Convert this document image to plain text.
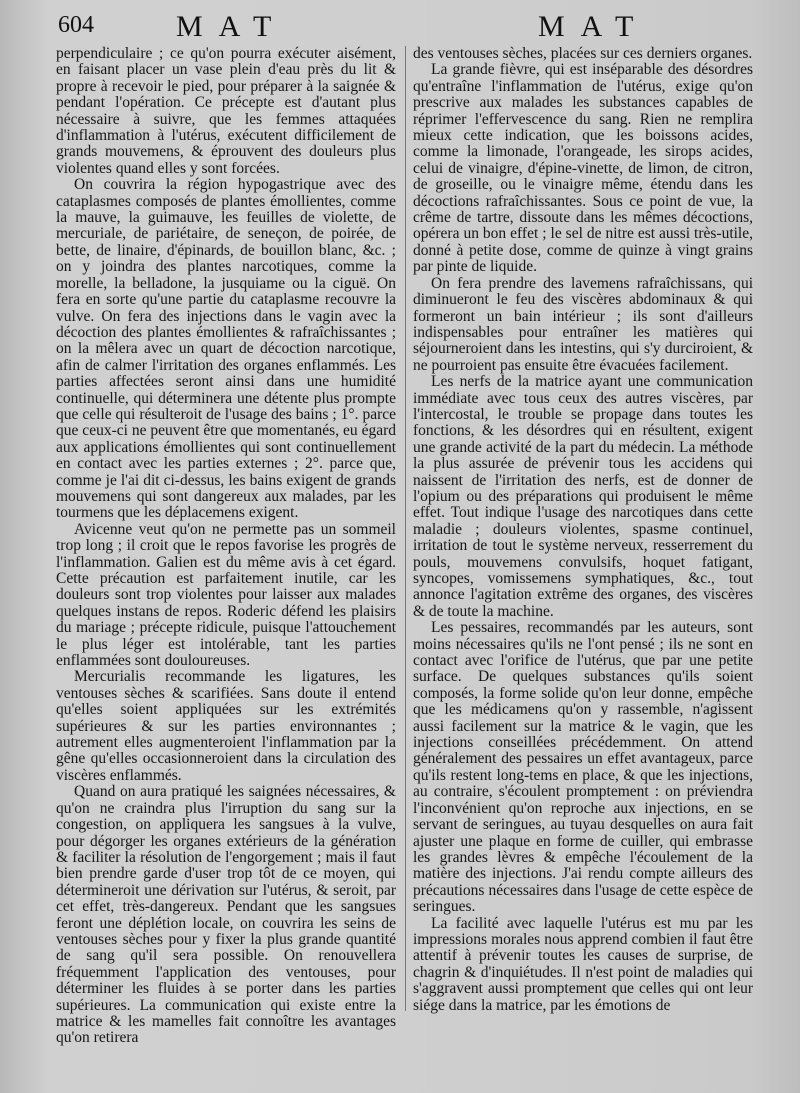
604	MAT	MAT

perpendiculaire ; ce qu'on pourra exécuter aisément, en faisant placer un vase plein d'eau près du lit & propre à recevoir le pied, pour préparer à la saignée & pendant l'opération. Ce précepte est d'autant plus nécessaire à suivre, que les femmes attaquées d'inflammation à l'utérus, exécutent difficilement de grands mouvemens, & éprouvent des douleurs plus violentes quand elles y sont forcées.

On couvrira la région hypogastrique avec des cataplasmes composés de plantes émollientes, comme la mauve, la guimauve, les feuilles de violette, de mercuriale, de pariétaire, de seneçon, de poirée, de bette, de linaire, d'épinards, de bouillon blanc, &c. ; on y joindra des plantes narcotiques, comme la morelle, la belladone, la jusquiame ou la ciguë. On fera en sorte qu'une partie du cataplasme recouvre la vulve. On fera des injections dans le vagin avec la décoction des plantes émollientes & rafraîchissantes ; on la mêlera avec un quart de décoction narcotique, afin de calmer l'irritation des organes enflammés. Les parties affectées seront ainsi dans une humidité continuelle, qui déterminera une détente plus prompte que celle qui résulteroit de l'usage des bains ; 1°. parce que ceux-ci ne peuvent être que momentanés, eu égard aux applications émollientes qui sont continuellement en contact avec les parties externes ; 2°. parce que, comme je l'ai dit ci-dessus, les bains exigent de grands mouvemens qui sont dangereux aux malades, par les tourmens que les déplacemens exigent.

Avicenne veut qu'on ne permette pas un sommeil trop long ; il croit que le repos favorise les progrès de l'inflammation. Galien est du même avis à cet égard. Cette précaution est parfaitement inutile, car les douleurs sont trop violentes pour laisser aux malades quelques instans de repos. Roderic défend les plaisirs du mariage ; précepte ridicule, puisque l'attouchement le plus léger est intolérable, tant les parties enflammées sont douloureuses.

Mercurialis recommande les ligatures, les ventouses sèches & scarifiées. Sans doute il entend qu'elles soient appliquées sur les extrémités supérieures & sur les parties environnantes ; autrement elles augmenteroient l'inflammation par la gêne qu'elles occasionneroient dans la circulation des viscères enflammés.

Quand on aura pratiqué les saignées nécessaires, & qu'on ne craindra plus l'irruption du sang sur la congestion, on appliquera les sangsues à la vulve, pour dégorger les organes extérieurs de la génération & faciliter la résolution de l'engorgement ; mais il faut bien prendre garde d'user trop tôt de ce moyen, qui détermineroit une dérivation sur l'utérus, & seroit, par cet effet, très-dangereux. Pendant que les sangsues feront une déplétion locale, on couvrira les seins de ventouses sèches pour y fixer la plus grande quantité de sang qu'il sera possible. On renouvellera fréquemment l'application des ventouses, pour déterminer les fluides à se porter dans les parties supérieures. La communication qui existe entre la matrice & les mamelles fait connoître les avantages qu'on retirera

des ventouses sèches, placées sur ces derniers organes.

La grande fièvre, qui est inséparable des désordres qu'entraîne l'inflammation de l'utérus, exige qu'on prescrive aux malades les substances capables de réprimer l'effervescence du sang. Rien ne remplira mieux cette indication, que les boissons acides, comme la limonade, l'orangeade, les sirops acides, celui de vinaigre, d'épine-vinette, de limon, de citron, de groseille, ou le vinaigre même, étendu dans les décoctions rafraîchissantes. Sous ce point de vue, la crême de tartre, dissoute dans les mêmes décoctions, opérera un bon effet ; le sel de nitre est aussi très-utile, donné à petite dose, comme de quinze à vingt grains par pinte de liquide.

On fera prendre des lavemens rafraîchissans, qui diminueront le feu des viscères abdominaux & qui formeront un bain intérieur ; ils sont d'ailleurs indispensables pour entraîner les matières qui séjourneroient dans les intestins, qui s'y durciroient, & ne pourroient pas ensuite être évacuées facilement.

Les nerfs de la matrice ayant une communication immédiate avec tous ceux des autres viscères, par l'intercostal, le trouble se propage dans toutes les fonctions, & les désordres qui en résultent, exigent une grande activité de la part du médecin. La méthode la plus assurée de prévenir tous les accidens qui naissent de l'irritation des nerfs, est de donner de l'opium ou des préparations qui produisent le même effet. Tout indique l'usage des narcotiques dans cette maladie ; douleurs violentes, spasme continuel, irritation de tout le système nerveux, resserrement du pouls, mouvemens convulsifs, hoquet fatigant, syncopes, vomissemens symphatiques, &c., tout annonce l'agitation extrême des organes, des viscères & de toute la machine.

Les pessaires, recommandés par les auteurs, sont moins nécessaires qu'ils ne l'ont pensé ; ils ne sont en contact avec l'orifice de l'utérus, que par une petite surface. De quelques substances qu'ils soient composés, la forme solide qu'on leur donne, empêche que les médicamens qu'on y rassemble, n'agissent aussi facilement sur la matrice & le vagin, que les injections conseillées précédemment. On attend généralement des pessaires un effet avantageux, parce qu'ils restent long-tems en place, & que les injections, au contraire, s'écoulent promptement : on préviendra l'inconvénient qu'on reproche aux injections, en se servant de seringues, au tuyau desquelles on aura fait ajuster une plaque en forme de cuiller, qui embrasse les grandes lèvres & empêche l'écoulement de la matière des injections. J'ai rendu compte ailleurs des précautions nécessaires dans l'usage de cette espèce de seringues.

La facilité avec laquelle l'utérus est mu par les impressions morales nous apprend combien il faut être attentif à prévenir toutes les causes de surprise, de chagrin & d'inquiétudes. Il n'est point de maladies qui s'aggravent aussi promptement que celles qui ont leur siége dans la matrice, par les émotions de
